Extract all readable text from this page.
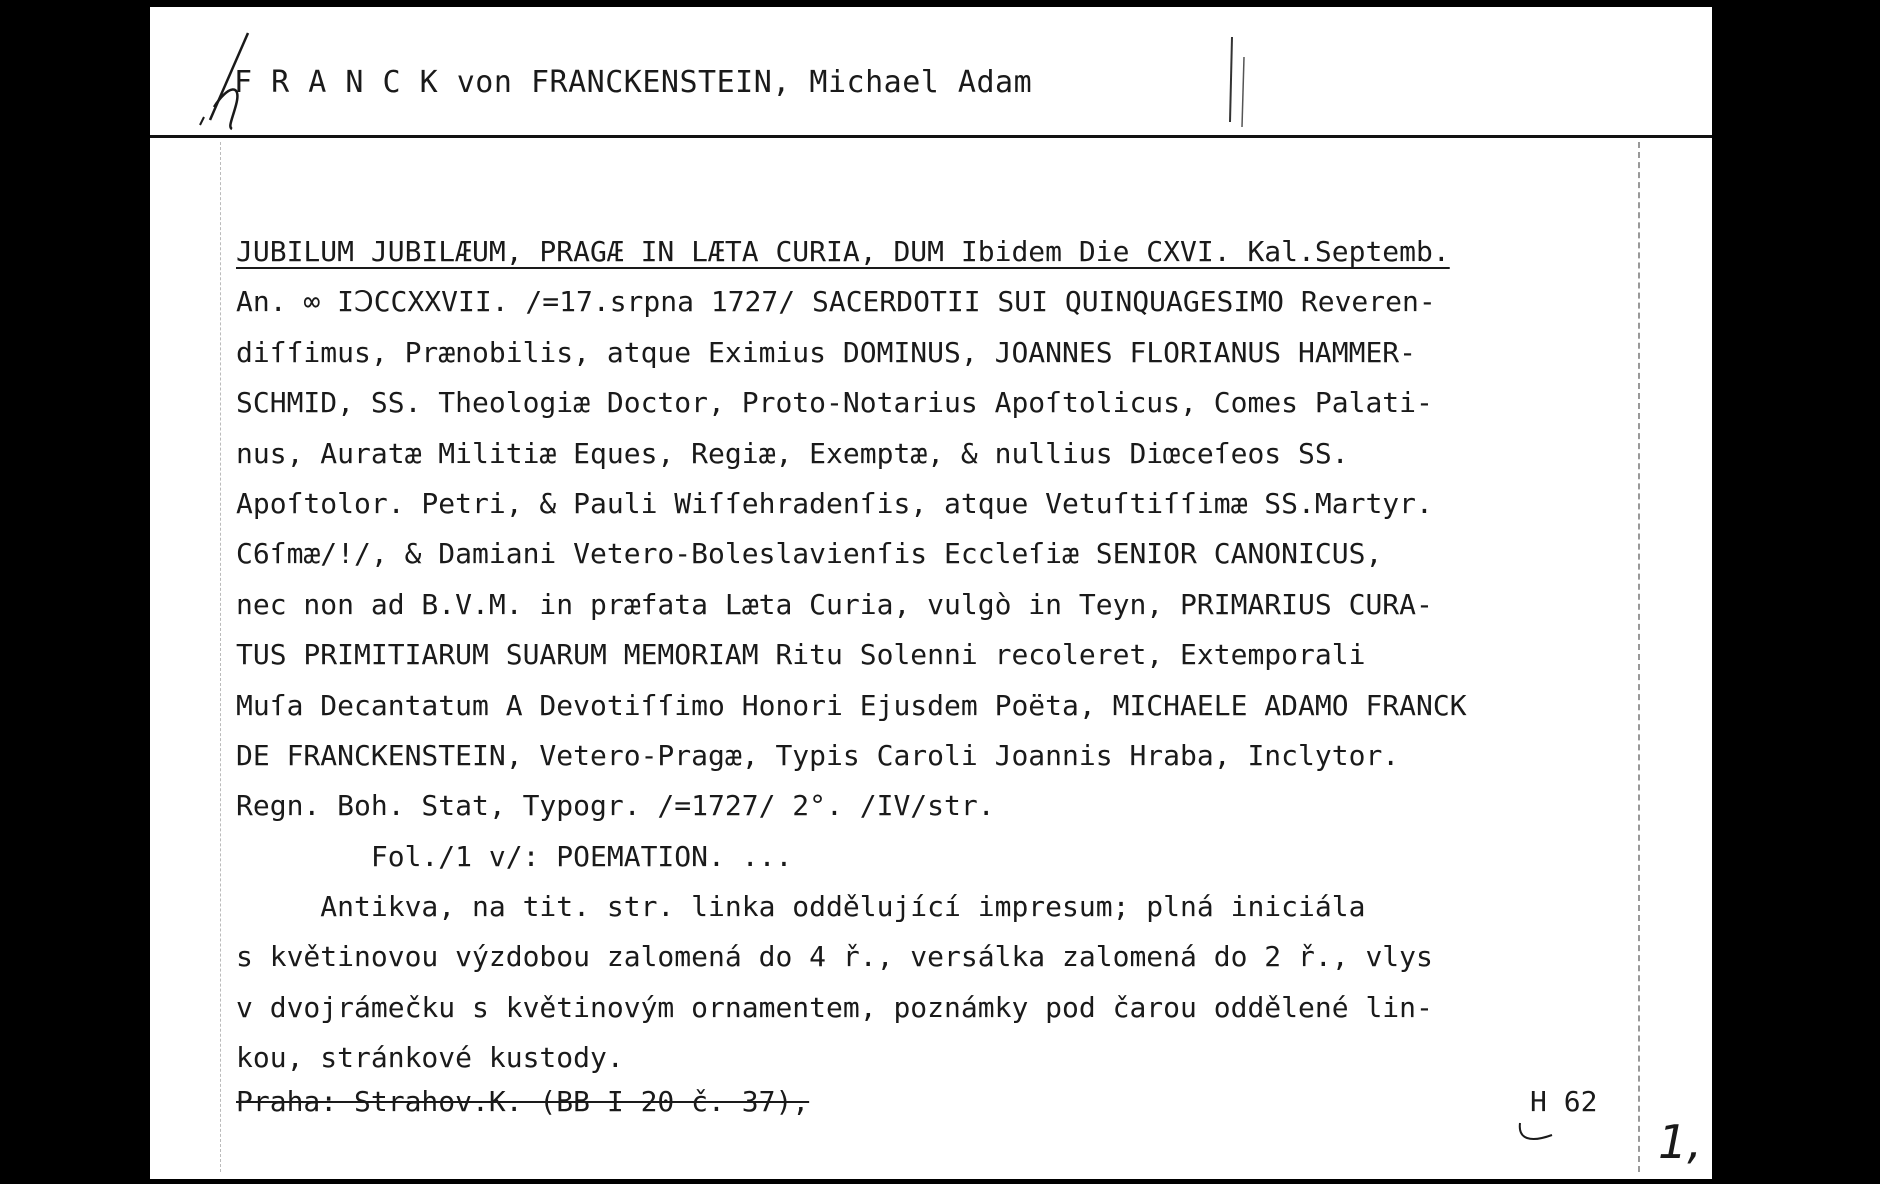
F R A N C K von FRANCKENSTEIN, Michael Adam
JUBILUM JUBILÆUM, PRAGÆ IN LÆTA CURIA, DUM Ibidem Die CXVI. Kal.Septemb.
An. ∞ IↃCCXXVII. /=17.srpna 1727/ SACERDOTII SUI QUINQUAGESIMO Reveren-
diſſimus, Prænobilis, atque Eximius DOMINUS, JOANNES FLORIANUS HAMMER-
SCHMID, SS. Theologiæ Doctor, Proto-Notarius Apoſtolicus, Comes Palati-
nus, Auratæ Militiæ Eques, Regiæ, Exemptæ, & nullius Diœceſeos SS.
Apoſtolor. Petri, & Pauli Wiſſehradenſis, atque Vetuſtiſſimæ SS.Martyr.
C6ſmæ/!/, & Damiani Vetero-Boleslavienſis Eccleſiæ SENIOR CANONICUS,
nec non ad B.V.M. in præfata Læta Curia, vulgò in Teyn, PRIMARIUS CURA-
TUS PRIMITIARUM SUARUM MEMORIAM Ritu Solenni recoleret, Extemporali
Muſa Decantatum A Devotiſſimo Honori Ejusdem Poëta, MICHAELE ADAMO FRANCK
DE FRANCKENSTEIN, Vetero-Pragæ, Typis Caroli Joannis Hraba, Inclytor.
Regn. Boh. Stat, Typogr. /=1727/ 2°. /IV/str.
Fol./1 v/: POEMATION. ...
Antikva, na tit. str. linka oddělující impresum; plná iniciála
s květinovou výzdobou zalomená do 4 ř., versálka zalomená do 2 ř., vlys
v dvojrámečku s květinovým ornamentem, poznámky pod čarou oddělené lin-
kou, stránkové kustody.
Praha: Strahov.K. (BB I 20 č. 37),	H 62
1,
